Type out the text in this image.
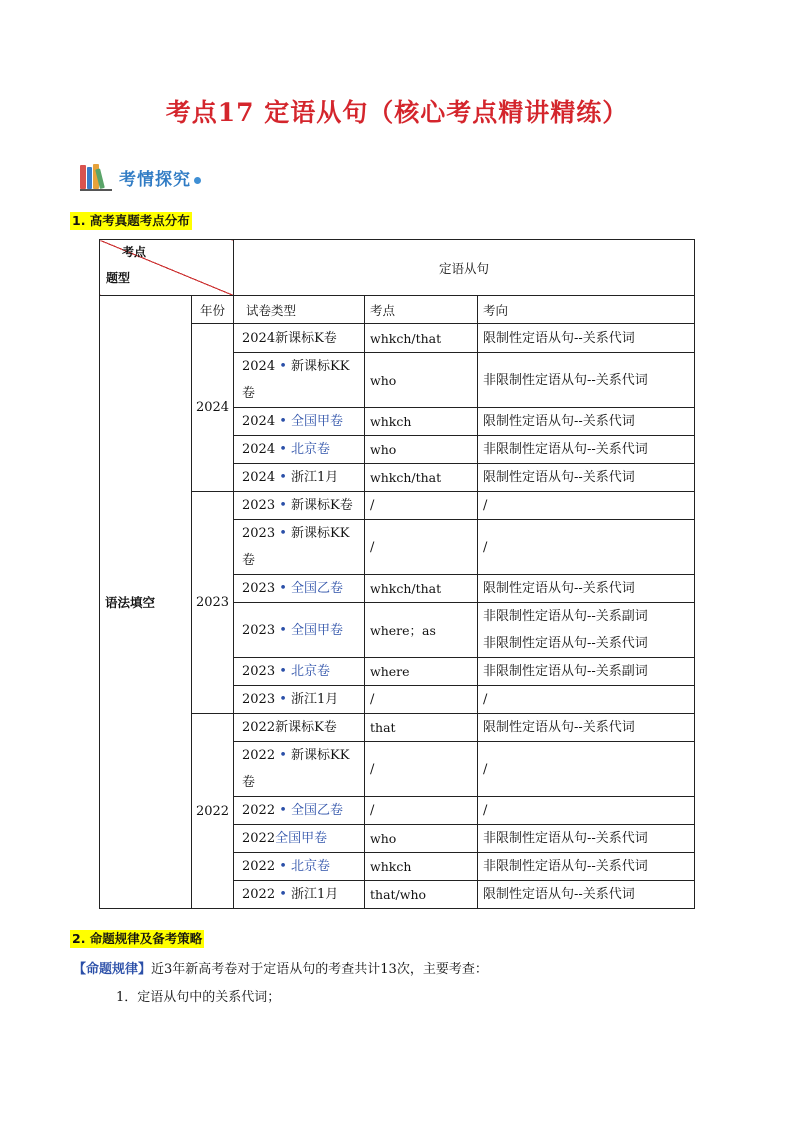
考点17 定语从句（核心考点精讲精练）
考情探究
1. 高考真题考点分布
考点
题型		定语从句		
语法填空	年份	试卷类型	考点	考向
	2024	2024新课标K卷	whkch/that	限制性定语从句--关系代词

		2024 • 新课标KK卷	who	非限制性定语从句--关系代词

		2024 • 全国甲卷	whkch	限制性定语从句--关系代词

		2024 • 北京卷	who	非限制性定语从句--关系代词

		2024 • 浙江1月	whkch/that	限制性定语从句--关系代词

	2023	2023 • 新课标K卷	/	/

		2023 • 新课标KK卷	/	/

		2023 • 全国乙卷	whkch/that	限制性定语从句--关系代词

		2023 • 全国甲卷	where；as	非限制性定语从句--关系副词
非限制性定语从句--关系代词

		2023 • 北京卷	where	非限制性定语从句--关系副词

		2023 • 浙江1月	/	/

	2022	2022新课标K卷	that	限制性定语从句--关系代词

		2022 • 新课标KK卷	/	/

		2022 • 全国乙卷	/	/

		2022全国甲卷	who	非限制性定语从句--关系代词

		2022 • 北京卷	whkch	非限制性定语从句--关系代词

		2022 • 浙江1月	that/who	限制性定语从句--关系代词
2. 命题规律及备考策略
【命题规律】近3年新高考卷对于定语从句的考查共计13次，主要考查：
1．定语从句中的关系代词；
